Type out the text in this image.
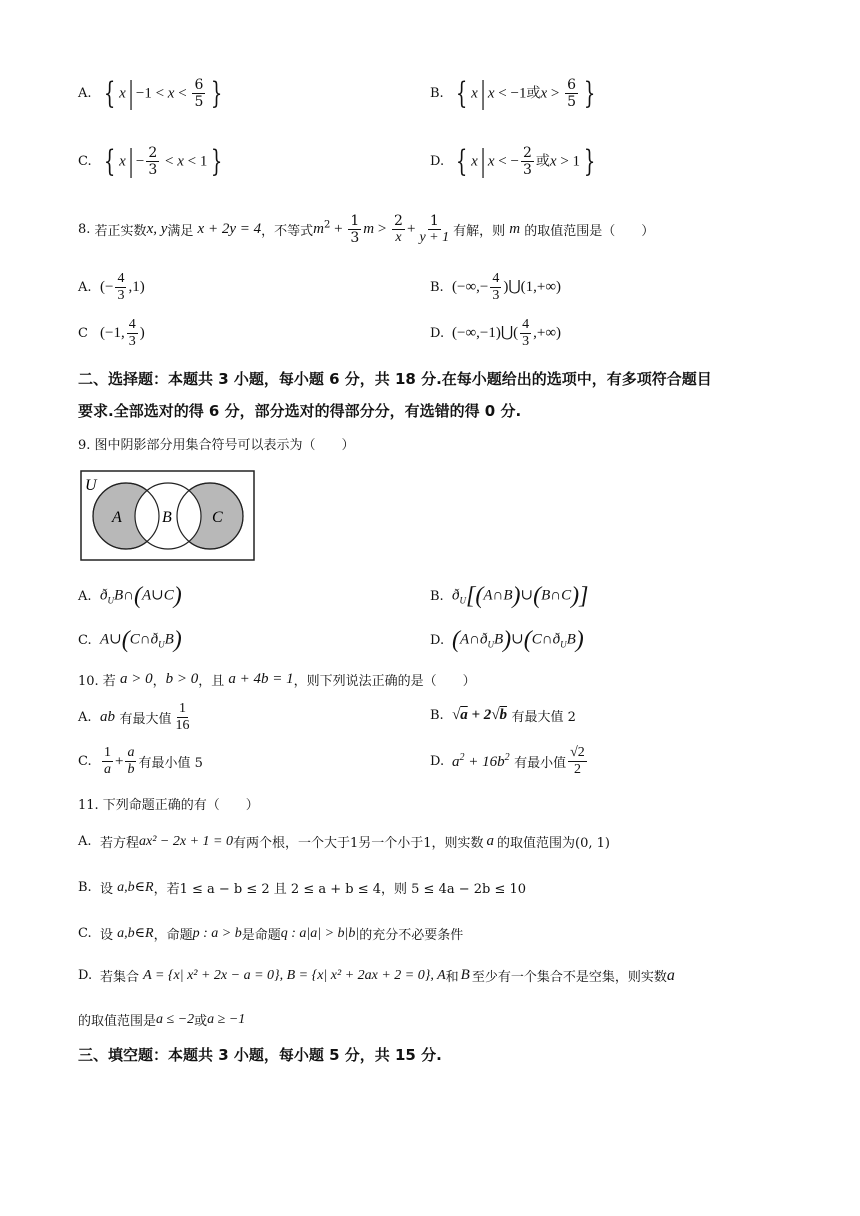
A. { $x| -1 < x < \frac{6}{5}$ }	B. { x| x < −1或$x > \frac{6}{5}$ }
C. { $x| - \frac{2}{3} < x < 1$ }	D. { x| x < − $\frac{2}{3}$ 或x > 1 }
8.
若正实数 x, y 满足
x + 2y = 4 ，不等式 $m^2 + \frac{1}{3}$ $m > \frac{2}{x} + \frac{1}{y + 1}$ 有解，则
m
的取值范围是（　　）
A. (− $\frac{4}{3} ,1$)	B. (−∞,− $\frac{4}{3}$ )⋃(1,+∞)
C (−1, $\frac{4}{3}$ )	D. (−∞,−1)⋃( $\frac{4}{3}$ ,+∞)
二、选择题：本题共 3 小题，每小题 6 分，共 18 分.在每小题给出的选项中，有多项符合题目
要求.全部选对的得 6 分，部分选对的得部分分，有选错的得 0 分.
9. 图中阴影部分用集合符号可以表示为（　　）
U
A	B	C
A. $ð_UB\cap(A\cup C)$	B. $ð_U[(A\cap B)\cup(B\cap C)]$
C. $A\cup(C\cap ð_UB)$	D. $(A\cap ð_UB)\cup(C\cap ð_UB)$
10. 若
a > 0 ， b > 0 ，且
a + 4b = 1 ，则下列说法正确的是（　　）
A. ab
有最大值 $\frac{1}{16}$	B. √a + 2√b
有最大值 2
C. $\frac{1}{a} + \frac{a}{b}$ 有最小值 5	D. $a^2 + 16b^2$
有最小值 $\frac{√2}{2}$
11. 下列命题正确的有（　　）
A. 若方程 ax² − 2x + 1 = 0 有两个根，一个大于1另一个小于1，则实数 a 的取值范围为(0, 1)
B. 设
a,b∈R ，若1 ≤ a − b ≤ 2 且 2 ≤ a + b ≤ 4，则 5 ≤ 4a − 2b ≤ 10
C. 设
a,b∈R ，命题 p : a > b 是命题 q : a|a| > b|b| 的充分不必要条件
D. 若集合
A = {x| x² + 2x − a = 0}, B = {x| x² + 2ax + 2 = 0}, A 和 B 至少有一个集合不是空集，则实数 a
的取值范围是 a ≤ −2 或 a ≥ −1
三、填空题：本题共 3 小题，每小题 5 分，共 15 分.
